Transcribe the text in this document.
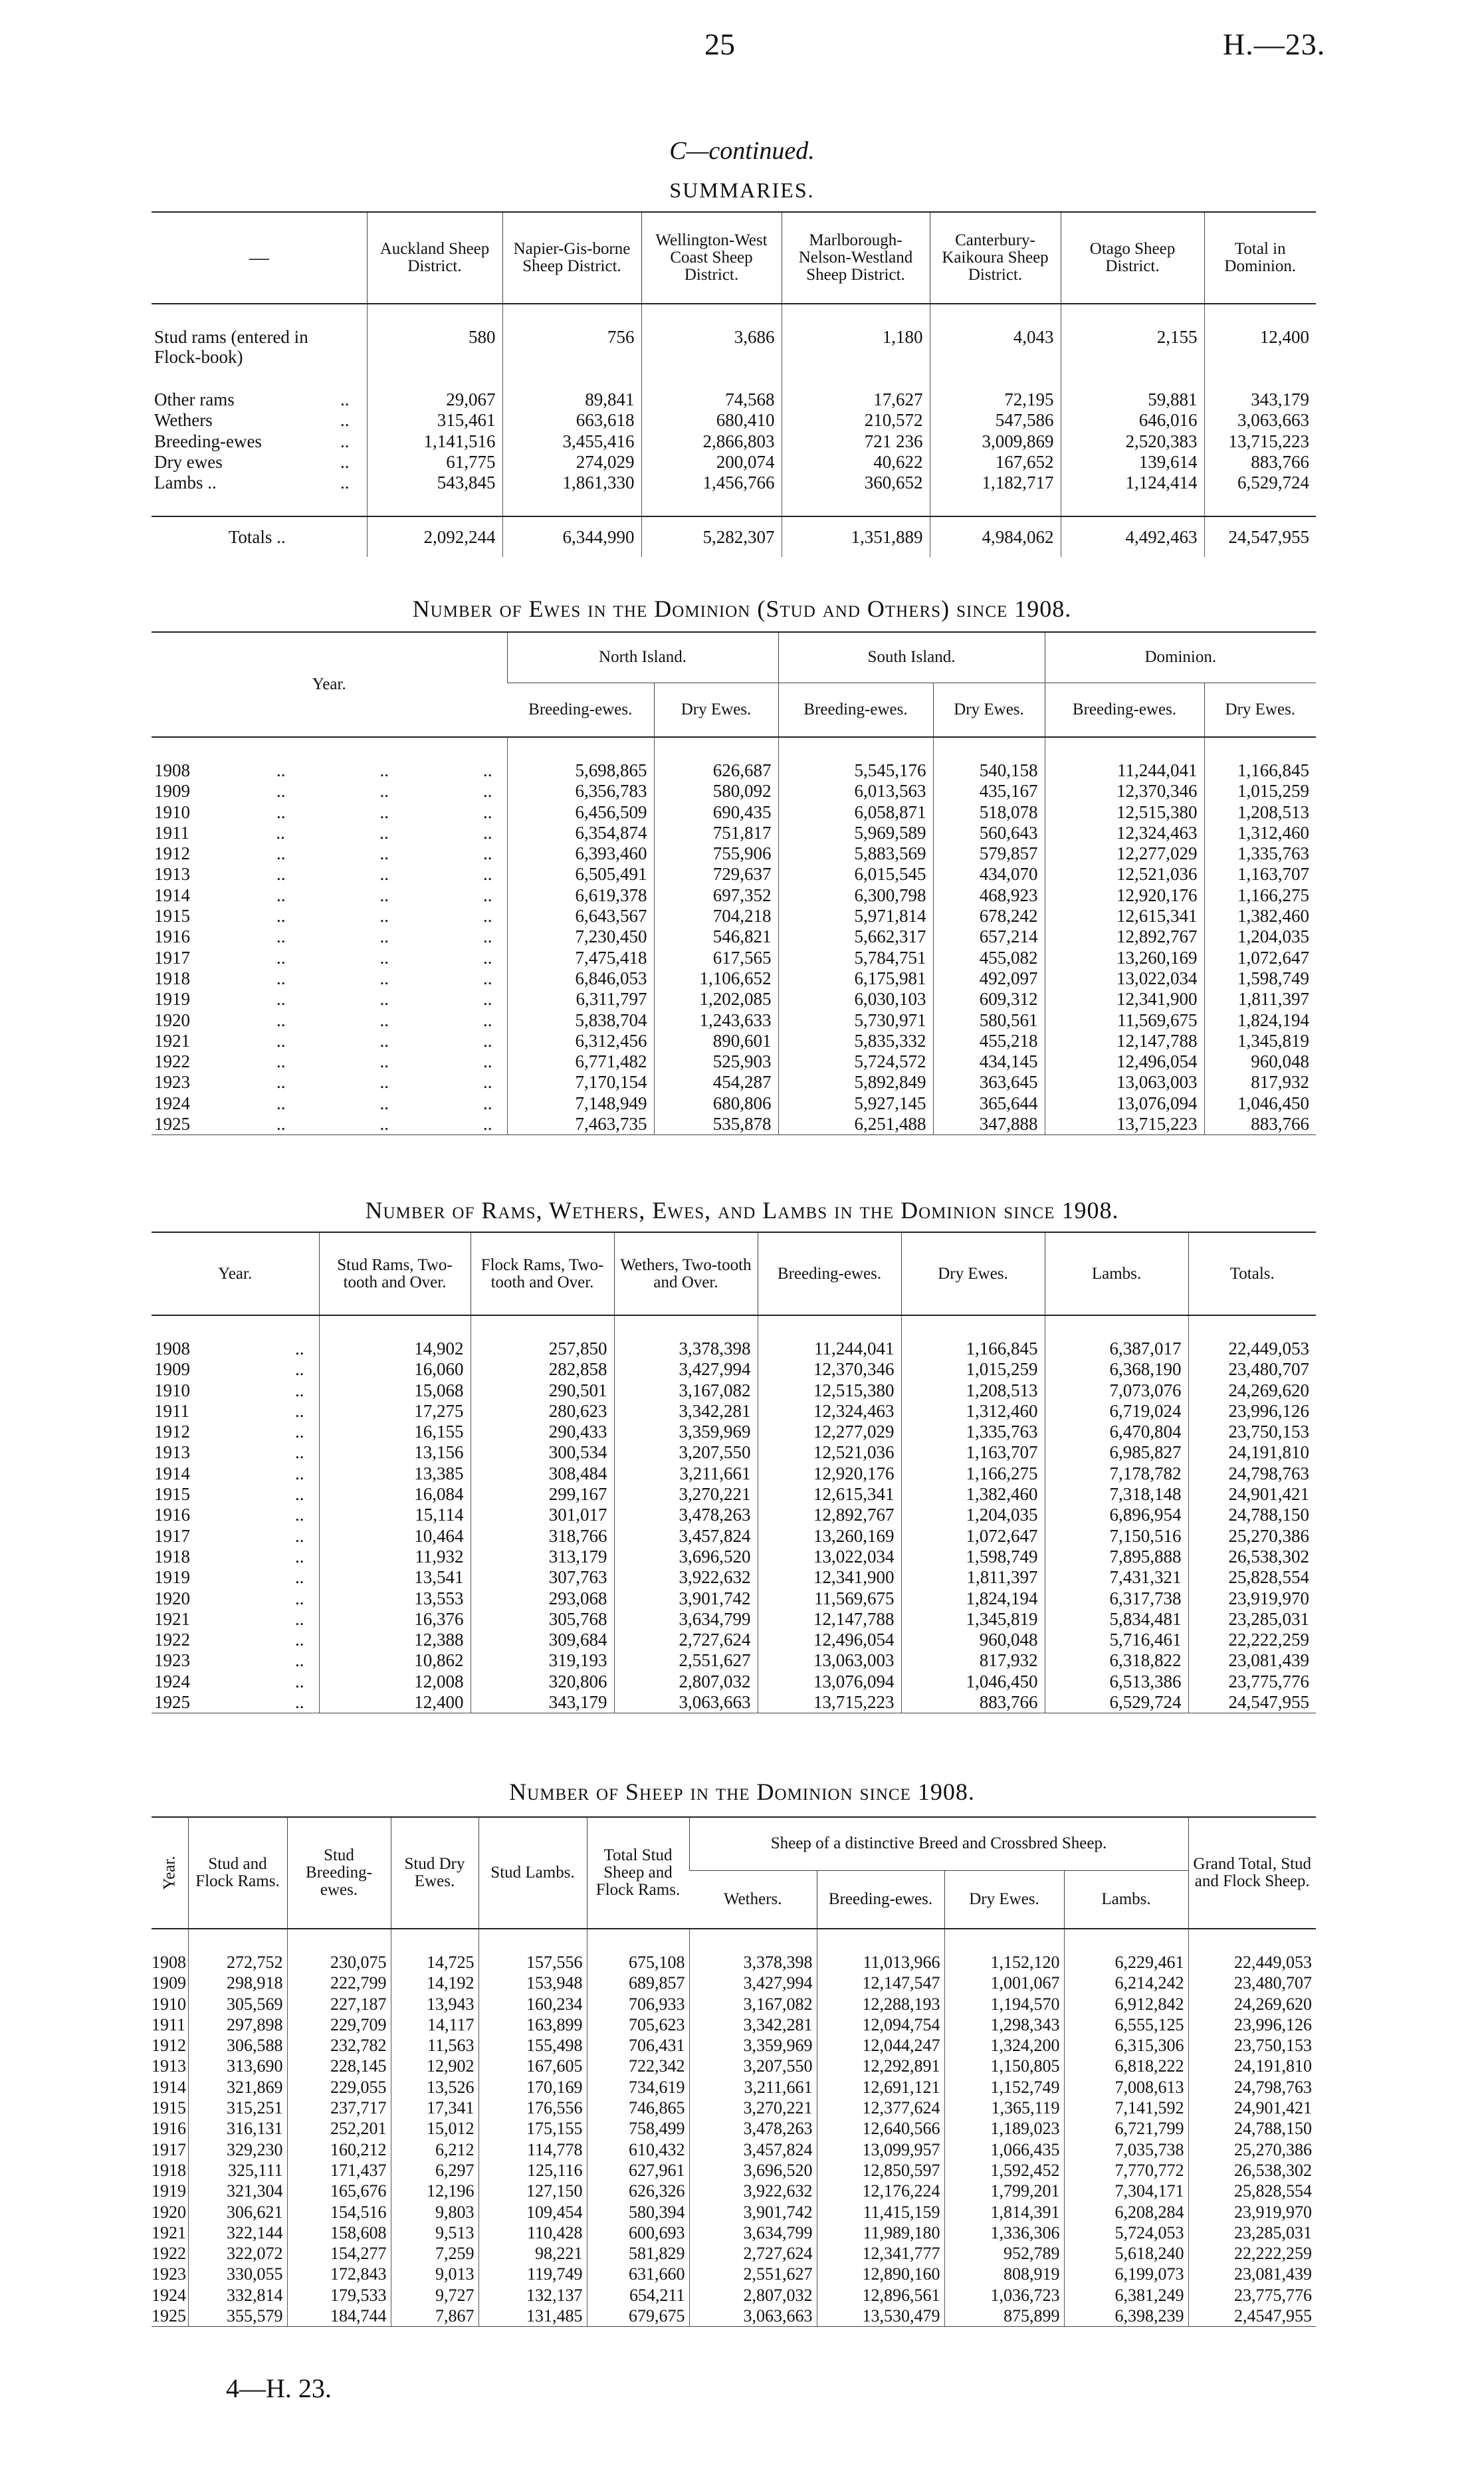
25	H.—23.
C—continued.
SUMMARIES.
—	Auckland Sheep District.	Napier-Gis-borne Sheep District.	Wellington-West Coast Sheep District.	Marlborough-Nelson-Westland Sheep District.	Canterbury-Kaikoura Sheep District.	Otago Sheep District.	Total in Dominion.

Stud rams (entered in Flock-book)	580	756	3,686	1,180	4,043	2,155	12,400

Other rams ..	29,067	89,841	74,568	17,627	72,195	59,881	343,179

Wethers ..	315,461	663,618	680,410	210,572	547,586	646,016	3,063,663

Breeding-ewes ..	1,141,516	3,455,416	2,866,803	721 236	3,009,869	2,520,383	13,715,223

Dry ewes ..	61,775	274,029	200,074	40,622	167,652	139,614	883,766

Lambs .. ..	543,845	1,861,330	1,456,766	360,652	1,182,717	1,124,414	6,529,724

Totals ..	2,092,244	6,344,990	5,282,307	1,351,889	4,984,062	4,492,463	24,547,955
Number of Ewes in the Dominion (Stud and Others) since 1908.
Year.	North Island.		South Island.		Dominion.	
	Breeding-ewes.	Dry Ewes.	Breeding-ewes.	Dry Ewes.	Breeding-ewes.	Dry Ewes.

1908 .. .. ..	5,698,865	626,687	5,545,176	540,158	11,244,041	1,166,845

1909 .. .. ..	6,356,783	580,092	6,013,563	435,167	12,370,346	1,015,259

1910 .. .. ..	6,456,509	690,435	6,058,871	518,078	12,515,380	1,208,513

1911 .. .. ..	6,354,874	751,817	5,969,589	560,643	12,324,463	1,312,460

1912 .. .. ..	6,393,460	755,906	5,883,569	579,857	12,277,029	1,335,763

1913 .. .. ..	6,505,491	729,637	6,015,545	434,070	12,521,036	1,163,707

1914 .. .. ..	6,619,378	697,352	6,300,798	468,923	12,920,176	1,166,275

1915 .. .. ..	6,643,567	704,218	5,971,814	678,242	12,615,341	1,382,460

1916 .. .. ..	7,230,450	546,821	5,662,317	657,214	12,892,767	1,204,035

1917 .. .. ..	7,475,418	617,565	5,784,751	455,082	13,260,169	1,072,647

1918 .. .. ..	6,846,053	1,106,652	6,175,981	492,097	13,022,034	1,598,749

1919 .. .. ..	6,311,797	1,202,085	6,030,103	609,312	12,341,900	1,811,397

1920 .. .. ..	5,838,704	1,243,633	5,730,971	580,561	11,569,675	1,824,194

1921 .. .. ..	6,312,456	890,601	5,835,332	455,218	12,147,788	1,345,819

1922 .. .. ..	6,771,482	525,903	5,724,572	434,145	12,496,054	960,048

1923 .. .. ..	7,170,154	454,287	5,892,849	363,645	13,063,003	817,932

1924 .. .. ..	7,148,949	680,806	5,927,145	365,644	13,076,094	1,046,450

1925 .. .. ..	7,463,735	535,878	6,251,488	347,888	13,715,223	883,766
Number of Rams, Wethers, Ewes, and Lambs in the Dominion since 1908.
Year.	Stud Rams, Two-tooth and Over.	Flock Rams, Two-tooth and Over.	Wethers, Two-tooth and Over.	Breeding-ewes.	Dry Ewes.	Lambs.	Totals.

1908 ..	14,902	257,850	3,378,398	11,244,041	1,166,845	6,387,017	22,449,053

1909 ..	16,060	282,858	3,427,994	12,370,346	1,015,259	6,368,190	23,480,707

1910 ..	15,068	290,501	3,167,082	12,515,380	1,208,513	7,073,076	24,269,620

1911 ..	17,275	280,623	3,342,281	12,324,463	1,312,460	6,719,024	23,996,126

1912 ..	16,155	290,433	3,359,969	12,277,029	1,335,763	6,470,804	23,750,153

1913 ..	13,156	300,534	3,207,550	12,521,036	1,163,707	6,985,827	24,191,810

1914 ..	13,385	308,484	3,211,661	12,920,176	1,166,275	7,178,782	24,798,763

1915 ..	16,084	299,167	3,270,221	12,615,341	1,382,460	7,318,148	24,901,421

1916 ..	15,114	301,017	3,478,263	12,892,767	1,204,035	6,896,954	24,788,150

1917 ..	10,464	318,766	3,457,824	13,260,169	1,072,647	7,150,516	25,270,386

1918 ..	11,932	313,179	3,696,520	13,022,034	1,598,749	7,895,888	26,538,302

1919 ..	13,541	307,763	3,922,632	12,341,900	1,811,397	7,431,321	25,828,554

1920 ..	13,553	293,068	3,901,742	11,569,675	1,824,194	6,317,738	23,919,970

1921 ..	16,376	305,768	3,634,799	12,147,788	1,345,819	5,834,481	23,285,031

1922 ..	12,388	309,684	2,727,624	12,496,054	960,048	5,716,461	22,222,259

1923 ..	10,862	319,193	2,551,627	13,063,003	817,932	6,318,822	23,081,439

1924 ..	12,008	320,806	2,807,032	13,076,094	1,046,450	6,513,386	23,775,776

1925 ..	12,400	343,179	3,063,663	13,715,223	883,766	6,529,724	24,547,955
Number of Sheep in the Dominion since 1908.
Year.	Stud and Flock Rams.	Stud Breeding-ewes.	Stud Dry Ewes.	Stud Lambs.	Total Stud Sheep and Flock Rams.	Sheep of a distinctive Breed and Crossbred Sheep.				Grand Total, Stud and Flock Sheep.
						Wethers.	Breeding-ewes.	Dry Ewes.	Lambs.	

1908	272,752	230,075	14,725	157,556	675,108	3,378,398	11,013,966	1,152,120	6,229,461	22,449,053

1909	298,918	222,799	14,192	153,948	689,857	3,427,994	12,147,547	1,001,067	6,214,242	23,480,707

1910	305,569	227,187	13,943	160,234	706,933	3,167,082	12,288,193	1,194,570	6,912,842	24,269,620

1911	297,898	229,709	14,117	163,899	705,623	3,342,281	12,094,754	1,298,343	6,555,125	23,996,126

1912	306,588	232,782	11,563	155,498	706,431	3,359,969	12,044,247	1,324,200	6,315,306	23,750,153

1913	313,690	228,145	12,902	167,605	722,342	3,207,550	12,292,891	1,150,805	6,818,222	24,191,810

1914	321,869	229,055	13,526	170,169	734,619	3,211,661	12,691,121	1,152,749	7,008,613	24,798,763

1915	315,251	237,717	17,341	176,556	746,865	3,270,221	12,377,624	1,365,119	7,141,592	24,901,421

1916	316,131	252,201	15,012	175,155	758,499	3,478,263	12,640,566	1,189,023	6,721,799	24,788,150

1917	329,230	160,212	6,212	114,778	610,432	3,457,824	13,099,957	1,066,435	7,035,738	25,270,386

1918	325,111	171,437	6,297	125,116	627,961	3,696,520	12,850,597	1,592,452	7,770,772	26,538,302

1919	321,304	165,676	12,196	127,150	626,326	3,922,632	12,176,224	1,799,201	7,304,171	25,828,554

1920	306,621	154,516	9,803	109,454	580,394	3,901,742	11,415,159	1,814,391	6,208,284	23,919,970

1921	322,144	158,608	9,513	110,428	600,693	3,634,799	11,989,180	1,336,306	5,724,053	23,285,031

1922	322,072	154,277	7,259	98,221	581,829	2,727,624	12,341,777	952,789	5,618,240	22,222,259

1923	330,055	172,843	9,013	119,749	631,660	2,551,627	12,890,160	808,919	6,199,073	23,081,439

1924	332,814	179,533	9,727	132,137	654,211	2,807,032	12,896,561	1,036,723	6,381,249	23,775,776

1925	355,579	184,744	7,867	131,485	679,675	3,063,663	13,530,479	875,899	6,398,239	2,4547,955
4—H. 23.
